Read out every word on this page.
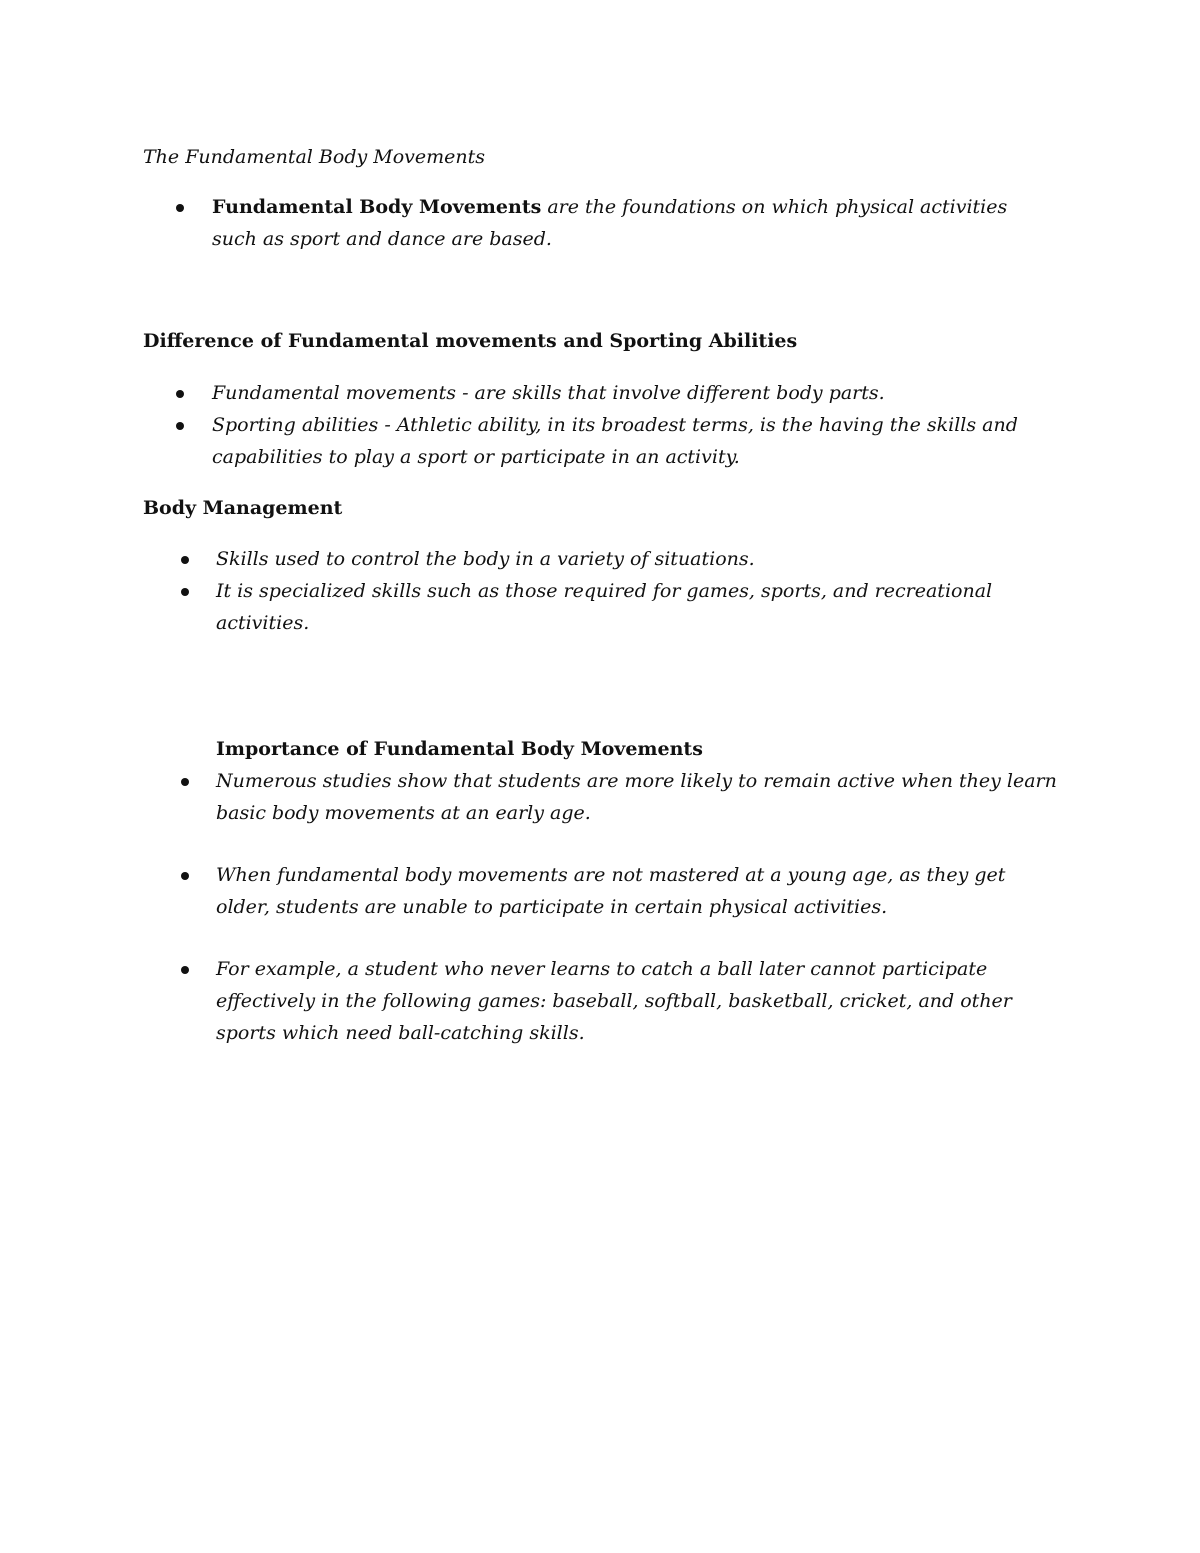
The Fundamental Body Movements
Fundamental Body Movements are the foundations on which physical activities such as sport and dance are based.
Difference of Fundamental movements and Sporting Abilities
Fundamental movements - are skills that involve different body parts.
Sporting abilities - Athletic ability, in its broadest terms, is the having the skills and capabilities to play a sport or participate in an activity.
Body Management
Skills used to control the body in a variety of situations.
It is specialized skills such as those required for games, sports, and recreational activities.
Importance of Fundamental Body Movements
Numerous studies show that students are more likely to remain active when they learn basic body movements at an early age.
When fundamental body movements are not mastered at a young age, as they get older, students are unable to participate in certain physical activities.
For example, a student who never learns to catch a ball later cannot participate effectively in the following games: baseball, softball, basketball, cricket, and other sports which need ball-catching skills.
